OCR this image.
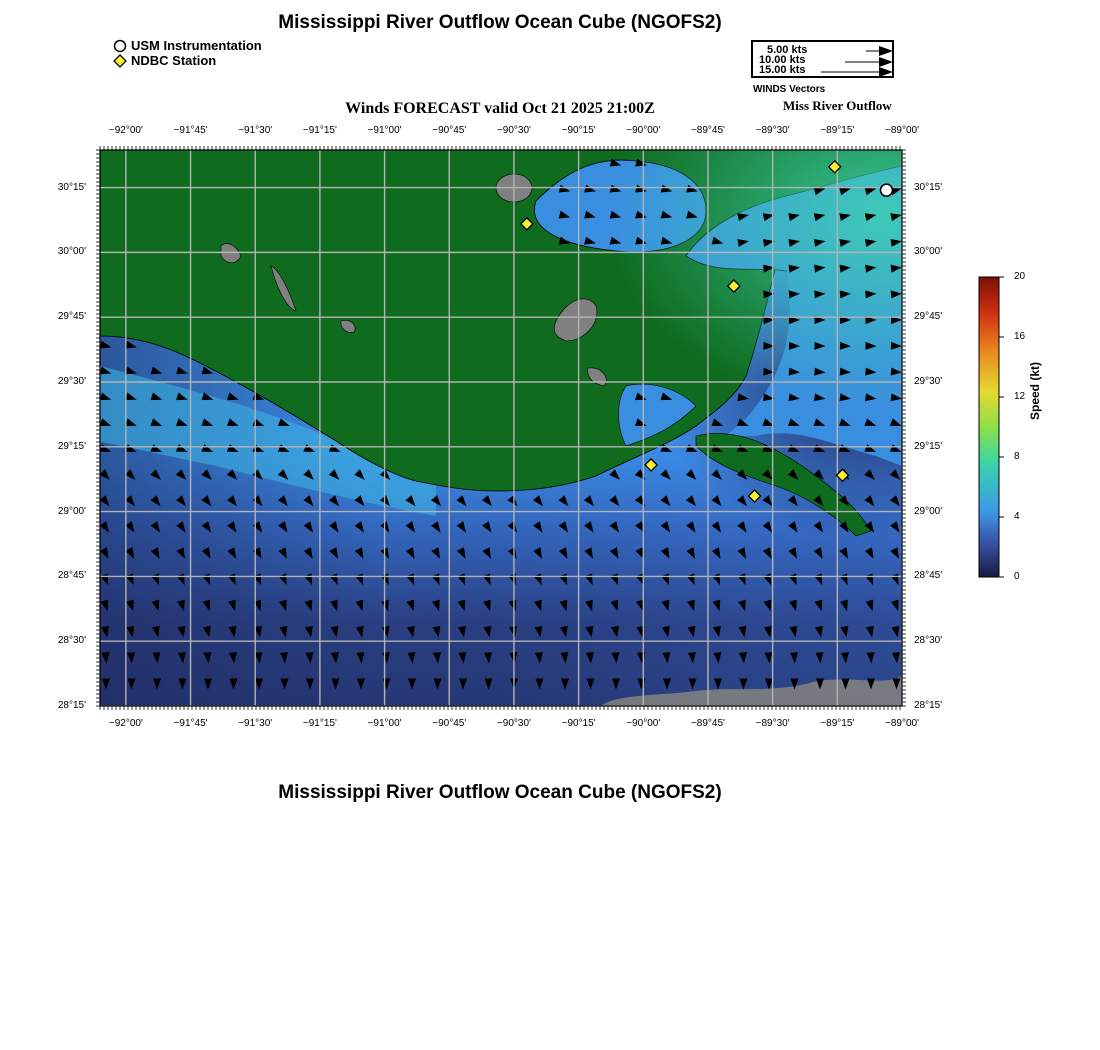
Mississippi River Outflow Ocean Cube (NGOFS2)
USM Instrumentation
NDBC Station
5.00 kts
10.00 kts
15.00 kts
WINDS Vectors
Miss River Outflow
Winds FORECAST valid Oct 21 2025 21:00Z
−92°00'	−91°45'	−91°30'	−91°15'	−91°00'	−90°45'	−90°30'	−90°15'	−90°00'	−89°45'	−89°30'	−89°15'	−89°00'
−92°00'	−91°45'	−91°30'	−91°15'	−91°00'	−90°45'	−90°30'	−90°15'	−90°00'	−89°45'	−89°30'	−89°15'	−89°00'
30°15'
30°00'
29°45'
29°30'
29°15'
29°00'
28°45'
28°30'
28°15'
30°15'
30°00'
29°45'
29°30'
29°15'
29°00'
28°45'
28°30'
28°15'
0
4
8
12
16
20
Speed (kt)
Mississippi River Outflow Ocean Cube (NGOFS2)
